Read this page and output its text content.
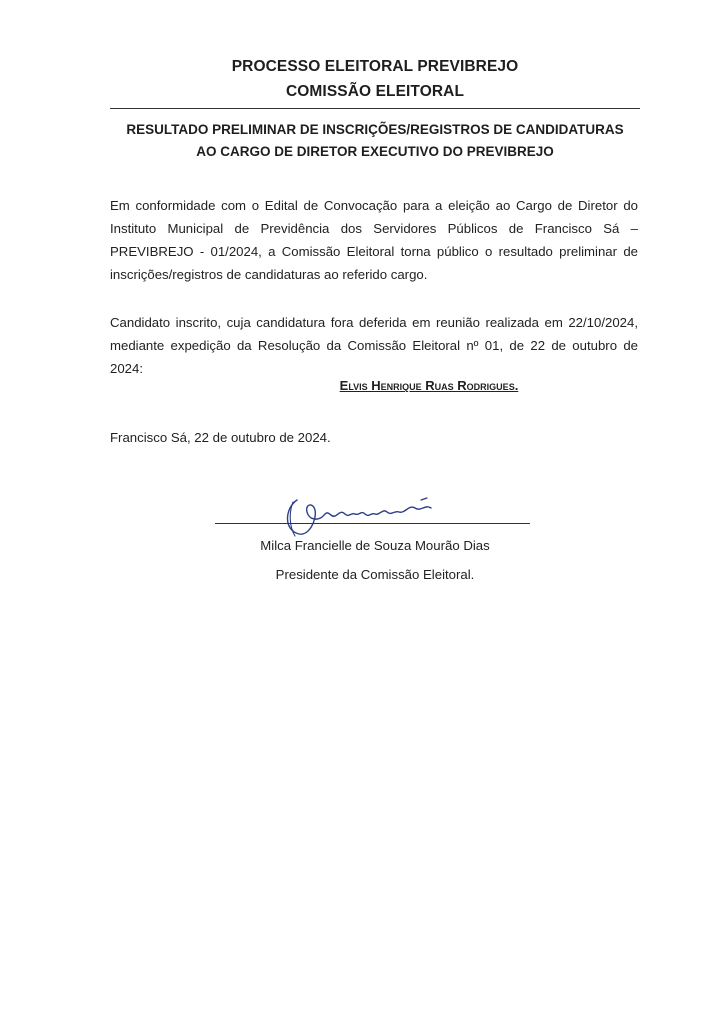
PROCESSO ELEITORAL PREVIBREJO
COMISSÃO ELEITORAL
RESULTADO PRELIMINAR DE INSCRIÇÕES/REGISTROS DE CANDIDATURAS
AO CARGO DE DIRETOR EXECUTIVO DO PREVIBREJO
Em conformidade com o Edital de Convocação para a eleição ao Cargo de Diretor do Instituto Municipal de Previdência dos Servidores Públicos de Francisco Sá – PREVIBREJO - 01/2024, a Comissão Eleitoral torna público o resultado preliminar de inscrições/registros de candidaturas ao referido cargo.
Candidato inscrito, cuja candidatura fora deferida em reunião realizada em 22/10/2024, mediante expedição da Resolução da Comissão Eleitoral nº 01, de 22 de outubro de 2024:
Elvis Henrique Ruas Rodrigues.
Francisco Sá, 22 de outubro de 2024.
Milca Francielle de Souza Mourão Dias
Presidente da Comissão Eleitoral.
